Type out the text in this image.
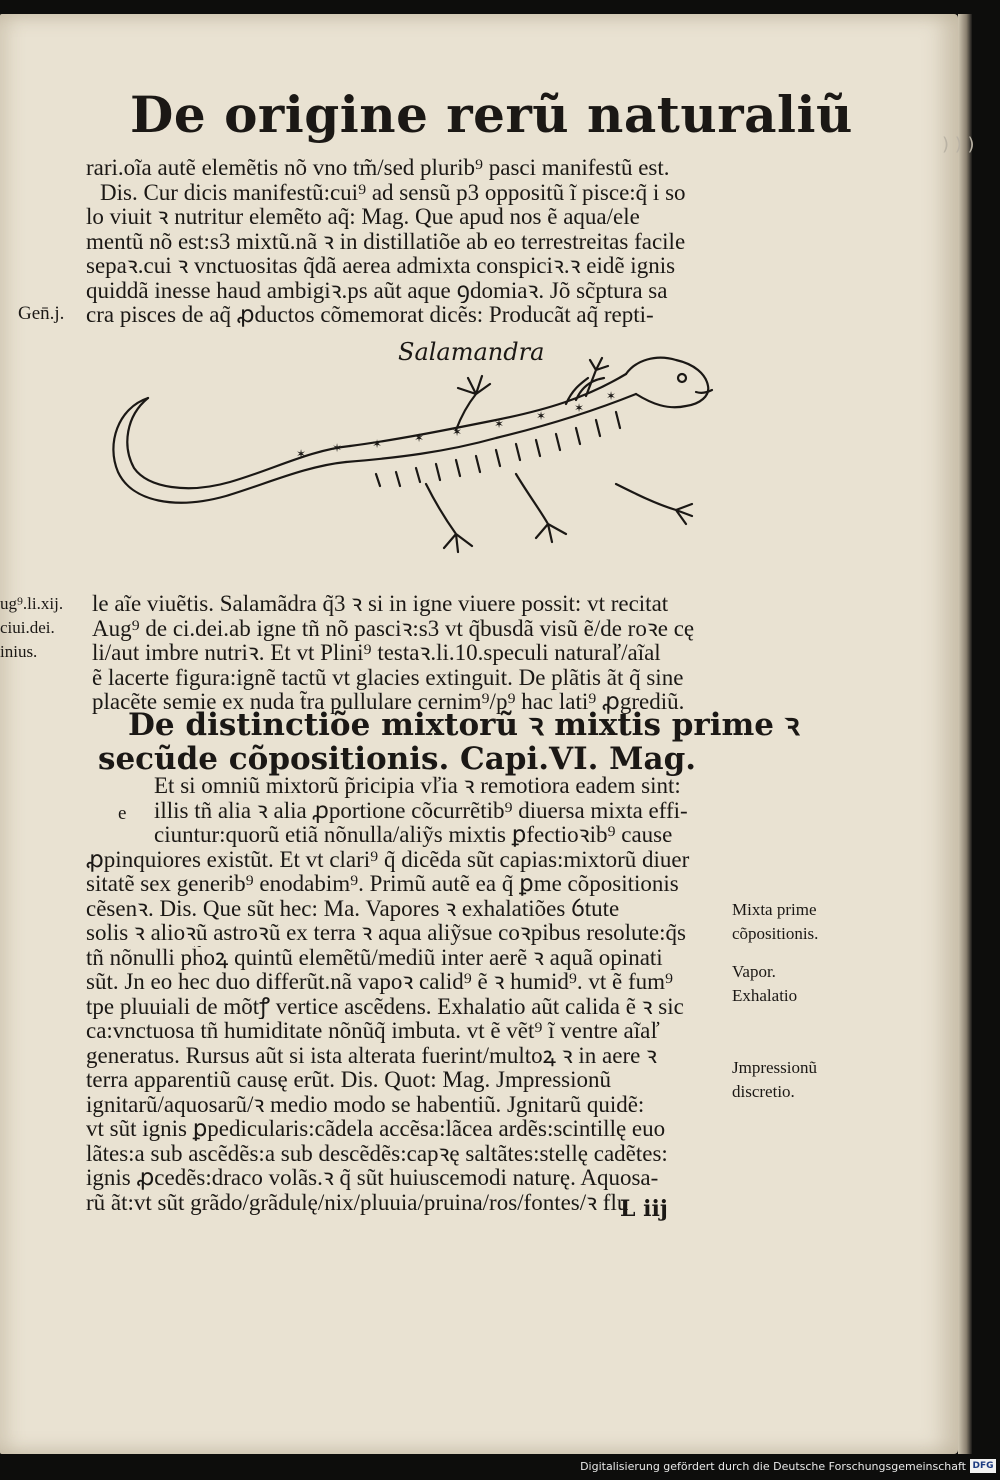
) ) )
De origine rerũ naturaliũ
rari.oĩa autẽ elemẽtis nõ vno tm̃/sed plurib⁹ pasci manifestũ est.
Dis. Cur dicis manifestũ:cui⁹ ad sensũ p3 oppositũ ĩ pisce:q̃ i so
lo viuit ꝛ nutritur elemẽto aq̃: Mag. Que apud nos ẽ aqua/ele
mentũ nõ est:s3 mixtũ.nã ꝛ in distillatiõe ab eo terrestreitas facile
sepaꝛ.cui ꝛ vnctuositas q̃dã aerea admixta conspiciꝛ.ꝛ eidẽ ignis
quiddã inesse haud ambigiꝛ.ps aũt aque ꝯdomiaꝛ. Jõ sc̃ptura sa
cra pisces de aq̃ ꝓductos cõmemorat dicẽs: Producãt aq̃ repti-
Gen̄.j.
✶ ✶ ✶	✶ ✶
✶
✶
✶
✶
Salamandra
le aĩe viuẽtis. Salamãdra q̃3 ꝛ si in igne viuere possit: vt recitat
Aug⁹ de ci.dei.ab igne tñ nõ pasciꝛ:s3 vt q̃busdã visũ ẽ/de roꝛe cę
li/aut imbre nutriꝛ. Et vt Plini⁹ testaꝛ.li.10.speculi naturaľ/aĩal
ẽ lacerte figura:ignẽ tactũ vt glacies extinguit. De plãtis ãt q̃ sine
placẽte semie ex nuda t̃ra pullulare cernim⁹/p⁹ hac lati⁹ ꝓgrediũ.
ug⁹.li.xij.
ciui.dei.
inius.
De distinctiõe mixtorũ ꝛ mixtis prime ꝛ
secũde cõpositionis. Capi.VI. Mag.
Et si omniũ mixtorũ p̃ricipia vľia ꝛ remotiora eadem sint:
illis tñ alia ꝛ alia ꝓportione cõcurrẽtib⁹ diuersa mixta effi-
ciuntur:quorũ etiã nõnulla/aliỹs mixtis ꝑfectioꝛib⁹ cause
ꝓpinquiores existũt. Et vt clari⁹ q̃ dicẽda sũt capias:mixtorũ diuer
sitatẽ sex generib⁹ enodabim⁹. Primũ autẽ ea q̃ ꝑme cõpositionis
cẽsenꝛ. Dis. Que sũt hec: Ma. Vapores ꝛ exhalatiões ỽtute
solis ꝛ alioꝛũ astroꝛũ ex terra ꝛ aqua aliỹsue coꝛpibus resolute:q̃s
tñ nõnulli ph̃oꝝ quintũ elemẽtũ/mediũ inter aerẽ ꝛ aquã opinati
sũt. Jn eo hec duo differũt.nã vapoꝛ calid⁹ ẽ ꝛ humid⁹. vt ẽ fum⁹
tpe pluuiali de mõtꝭ vertice ascẽdens. Exhalatio aũt calida ẽ ꝛ sic
ca:vnctuosa tñ humiditate nõnũq̃ imbuta. vt ẽ vẽt⁹ ĩ ventre aĩaľ
generatus. Rursus aũt si ista alterata fuerint/multoꝝ ꝛ in aere ꝛ
terra apparentiũ causę erũt. Dis. Quot: Mag. Jmpressionũ
ignitarũ/aquosarũ/ꝛ medio modo se habentiũ. Jgnitarũ quidẽ:
vt sũt ignis ꝑpedicularis:cãdela accẽsa:lãcea ardẽs:scintillę euo
lãtes:a sub ascẽdẽs:a sub descẽdẽs:capꝛę saltãtes:stellę cadẽtes:
ignis ꝓcedẽs:draco volãs.ꝛ q̃ sũt huiuscemodi naturę. Aquosa-
rũ ãt:vt sũt grãdo/grãdulę/nix/pluuia/pruina/ros/fontes/ꝛ flu
e
Mixta prime
cõpositionis.
Vapor.
Exhalatio
Jmpressionũ
discretio.
L iij
Digitalisierung gefördert durch die Deutsche Forschungsgemeinschaft DFG
